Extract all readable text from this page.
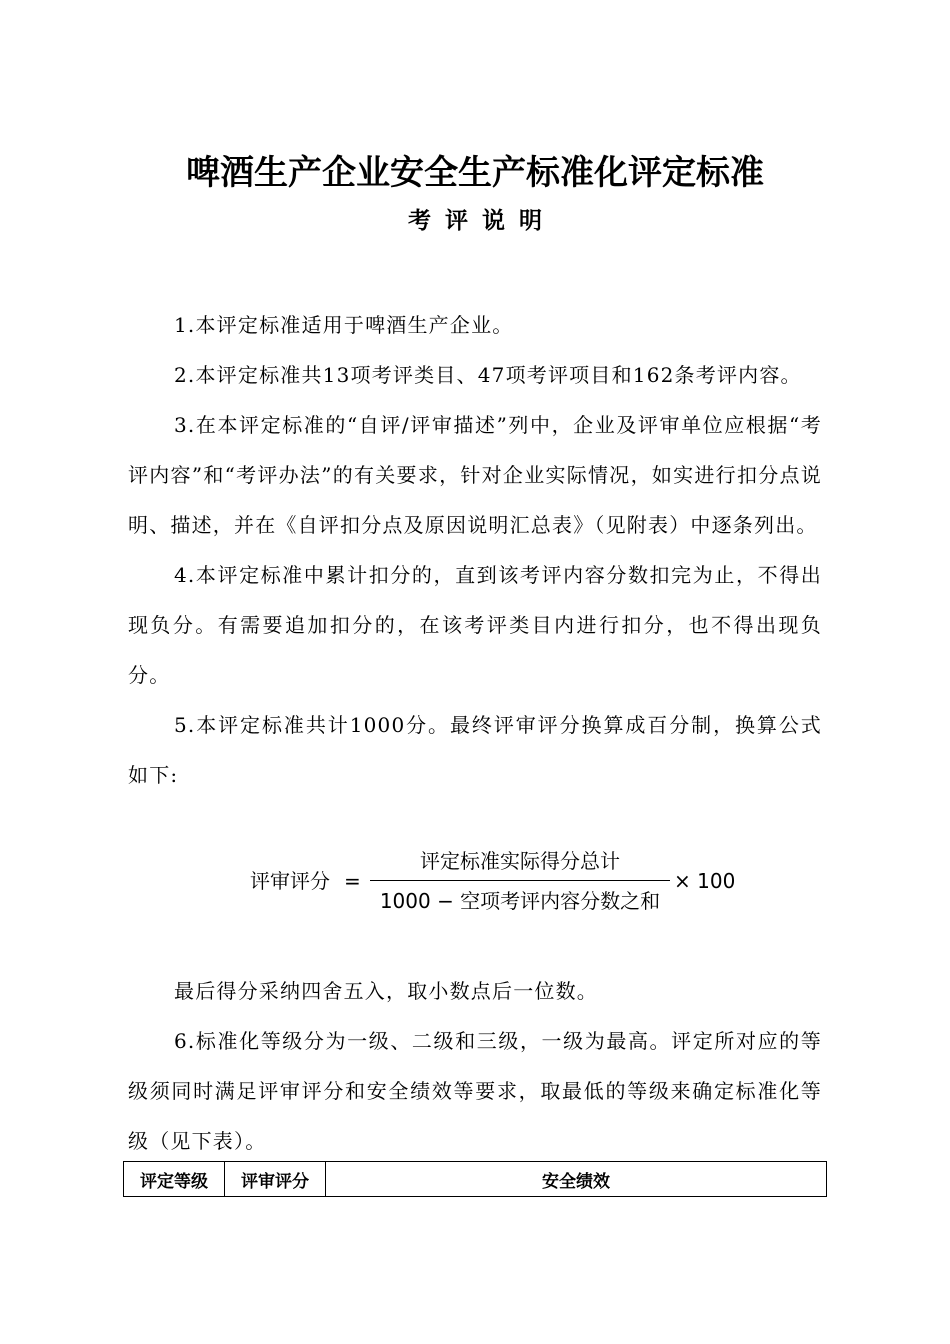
啤酒生产企业安全生产标准化评定标准
考评说明

1.本评定标准适用于啤酒生产企业。

2.本评定标准共13项考评类目、47项考评项目和162条考评内容。

3.在本评定标准的“自评/评审描述”列中，企业及评审单位应根据“考评内容”和“考评办法”的有关要求，针对企业实际情况，如实进行扣分点说明、描述，并在《自评扣分点及原因说明汇总表》（见附表）中逐条列出。

4.本评定标准中累计扣分的，直到该考评内容分数扣完为止，不得出现负分。有需要追加扣分的，在该考评类目内进行扣分，也不得出现负分。

5.本评定标准共计1000分。最终评审评分换算成百分制，换算公式如下:

评审评分 =
评定标准实际得分总计
1000 − 空项考评内容分数之和
× 100

最后得分采纳四舍五入，取小数点后一位数。

6.标准化等级分为一级、二级和三级，一级为最高。评定所对应的等级须同时满足评审评分和安全绩效等要求，取最低的等级来确定标准化等级（见下表）。

评定等级	评审评分	安全绩效
